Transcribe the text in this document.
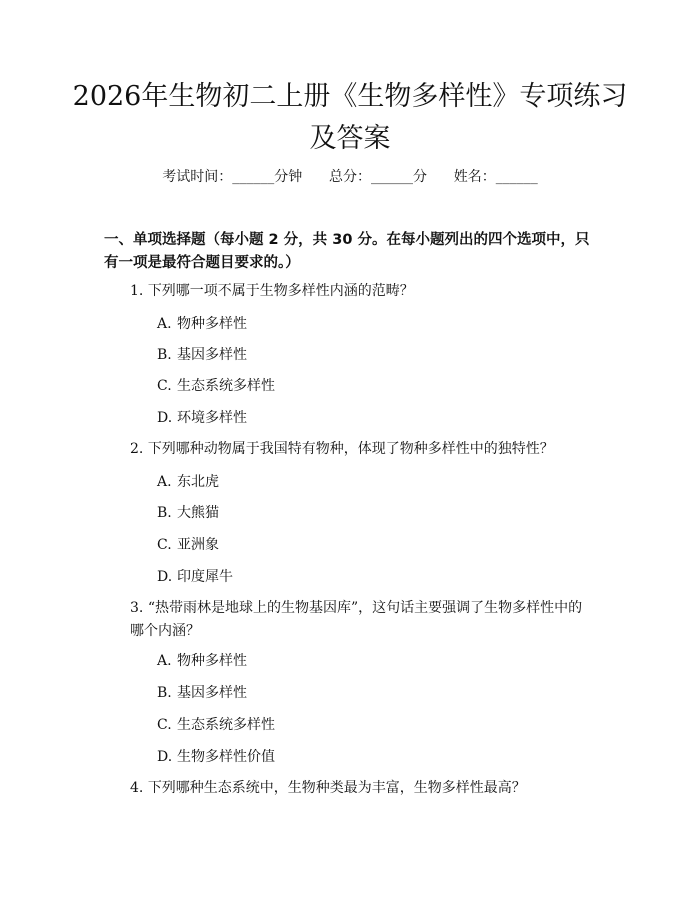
2026年生物初二上册《生物多样性》专项练习及答案
考试时间：______分钟 总分：______分 姓名：______

一、单项选择题（每小题 2 分，共 30 分。在每小题列出的四个选项中，只有一项是最符合题目要求的。）

1. 下列哪一项不属于生物多样性内涵的范畴？
A. 物种多样性
B. 基因多样性
C. 生态系统多样性
D. 环境多样性
2. 下列哪种动物属于我国特有物种，体现了物种多样性中的独特性？
A. 东北虎
B. 大熊猫
C. 亚洲象
D. 印度犀牛
3. “热带雨林是地球上的生物基因库”，这句话主要强调了生物多样性中的哪个内涵？
A. 物种多样性
B. 基因多样性
C. 生态系统多样性
D. 生物多样性价值
4. 下列哪种生态系统中，生物种类最为丰富，生物多样性最高？
